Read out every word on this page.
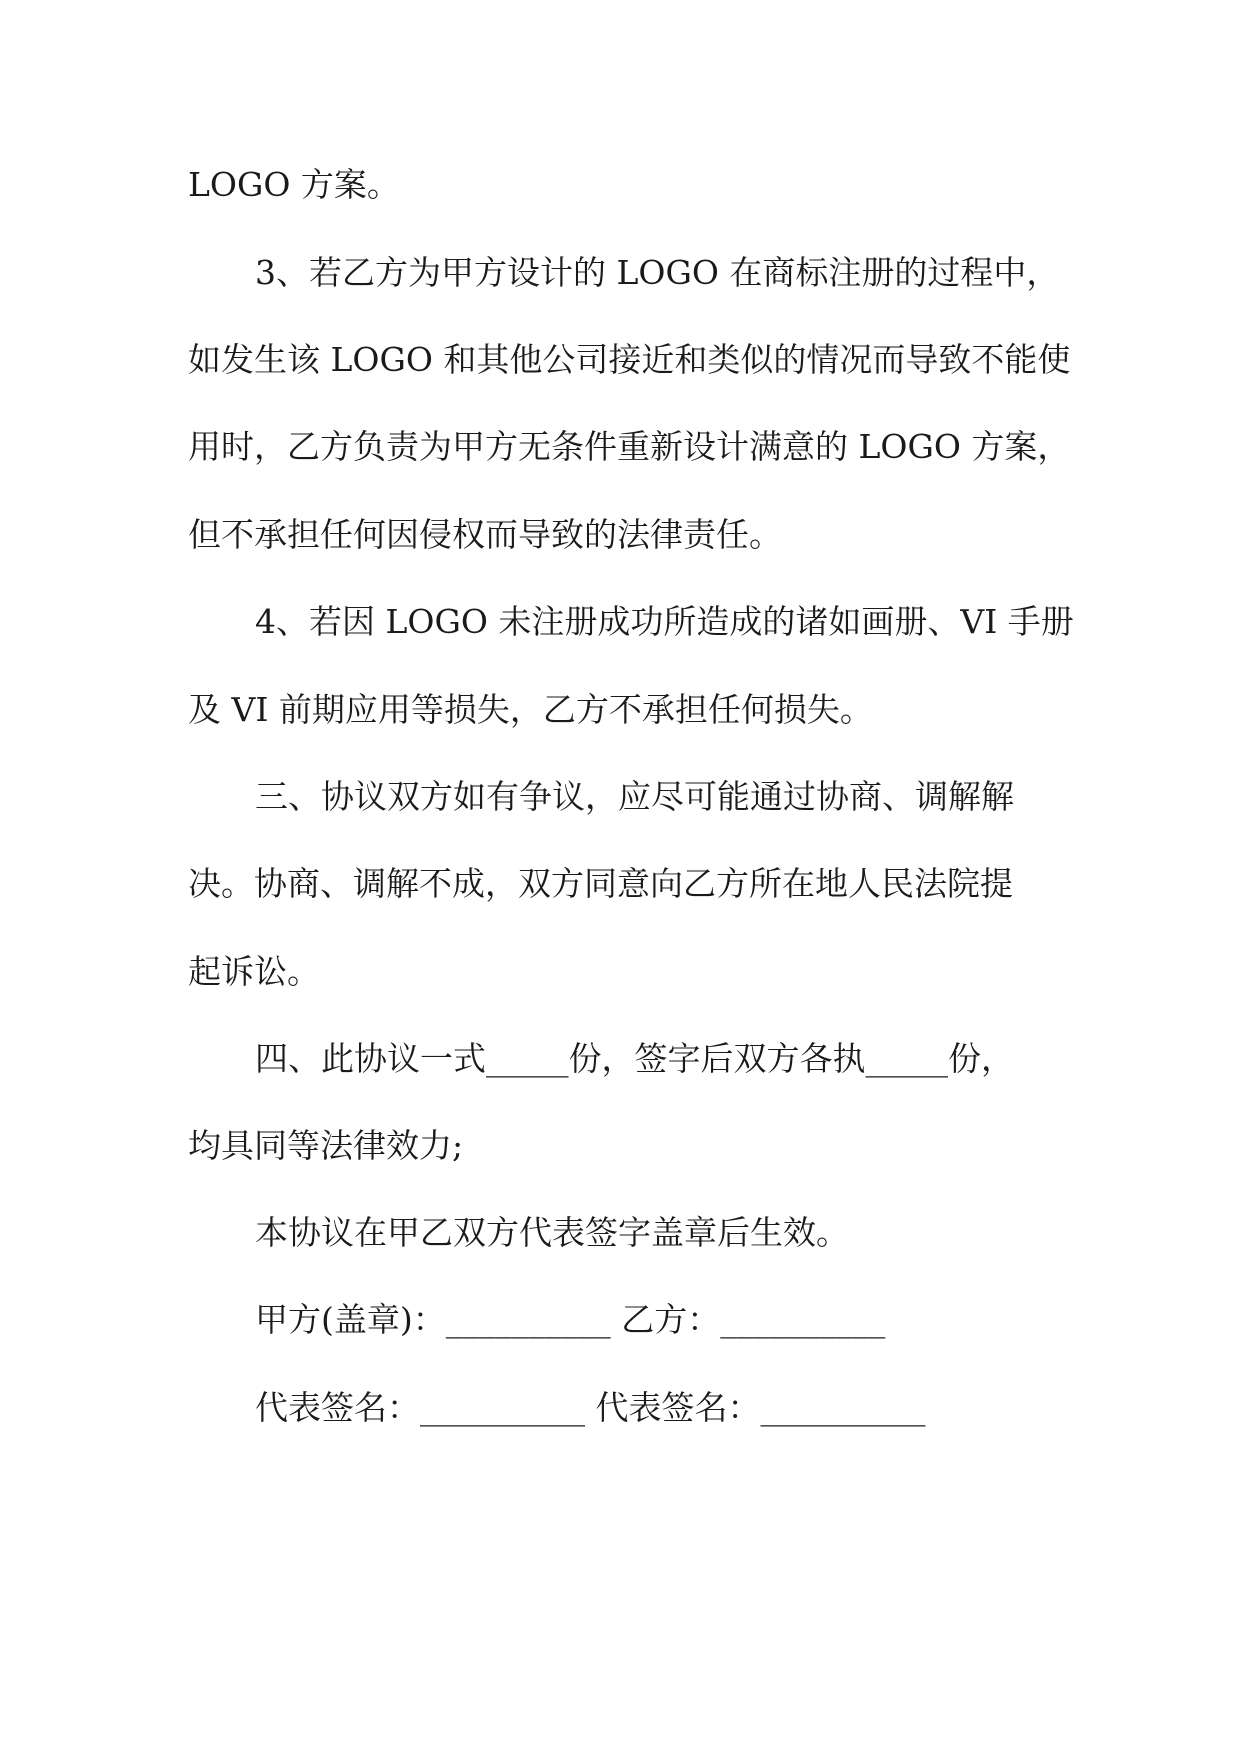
LOGO 方案。

3、若乙方为甲方设计的 LOGO 在商标注册的过程中，

如发生该 LOGO 和其他公司接近和类似的情况而导致不能使

用时，乙方负责为甲方无条件重新设计满意的 LOGO 方案，

但不承担任何因侵权而导致的法律责任。

4、若因 LOGO 未注册成功所造成的诸如画册、VI 手册

及 VI 前期应用等损失，乙方不承担任何损失。

三、协议双方如有争议，应尽可能通过协商、调解解

决。协商、调解不成，双方同意向乙方所在地人民法院提

起诉讼。

四、此协议一式_____份，签字后双方各执_____份，

均具同等法律效力;

本协议在甲乙双方代表签字盖章后生效。

甲方(盖章)：__________ 乙方：__________

代表签名：__________ 代表签名：__________
